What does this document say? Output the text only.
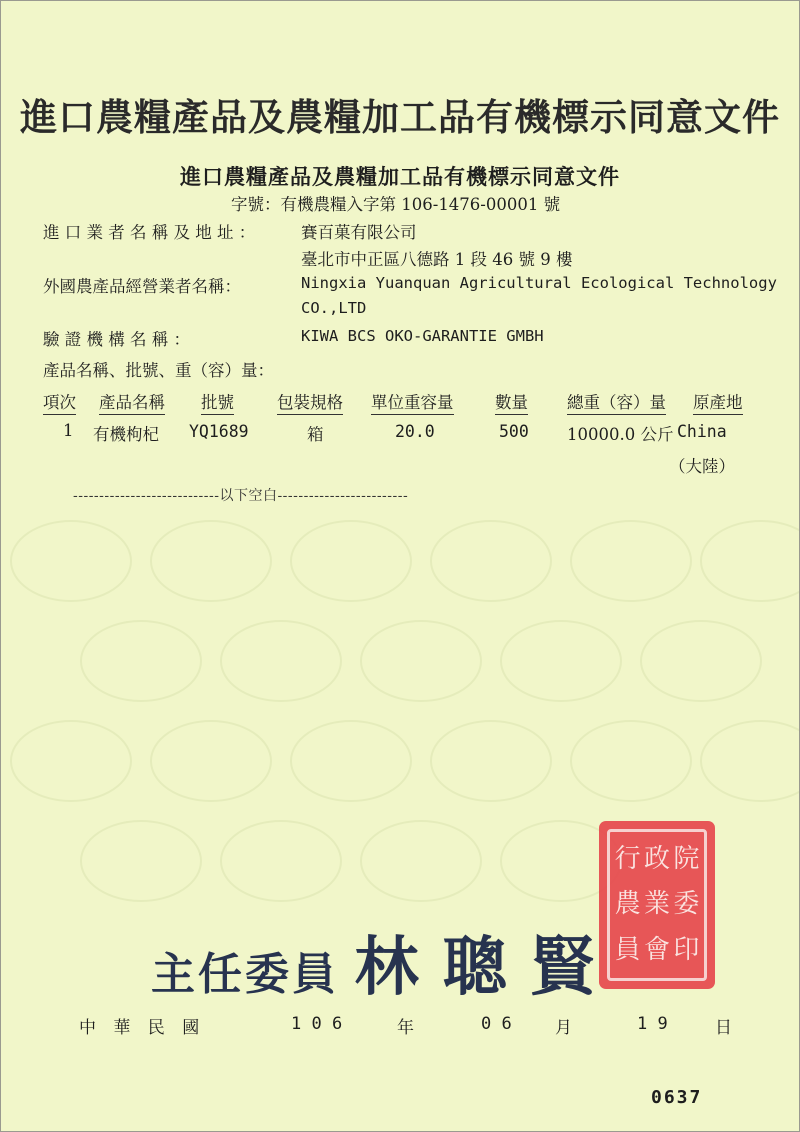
進口農糧產品及農糧加工品有機標示同意文件
進口農糧產品及農糧加工品有機標示同意文件
字號：有機農糧入字第 106-1476-00001 號
進 口 業 者 名 稱 及 地 址 ：	賽百菓有限公司
臺北市中正區八德路 1 段 46 號 9 樓
外國農產品經營業者名稱：	Ningxia Yuanquan Agricultural Ecological Technology
CO.,LTD
驗 證 機 構 名 稱 ：	KIWA BCS OKO-GARANTIE GMBH
產品名稱、批號、重（容）量：
項次 產品名稱 批號	包裝規格 單位重容量	數量 總重（容）量 原產地
1 有機枸杞 YQ1689	箱	20.0	500 10000.0 公斤 China
（大陸）
----------------------------以下空白-------------------------
行 政 院
農 業 委
員 會 印
主任委員 林聰賢
中 華 民 國	1 0 6	年	0 6	月	1 9	日
0637
